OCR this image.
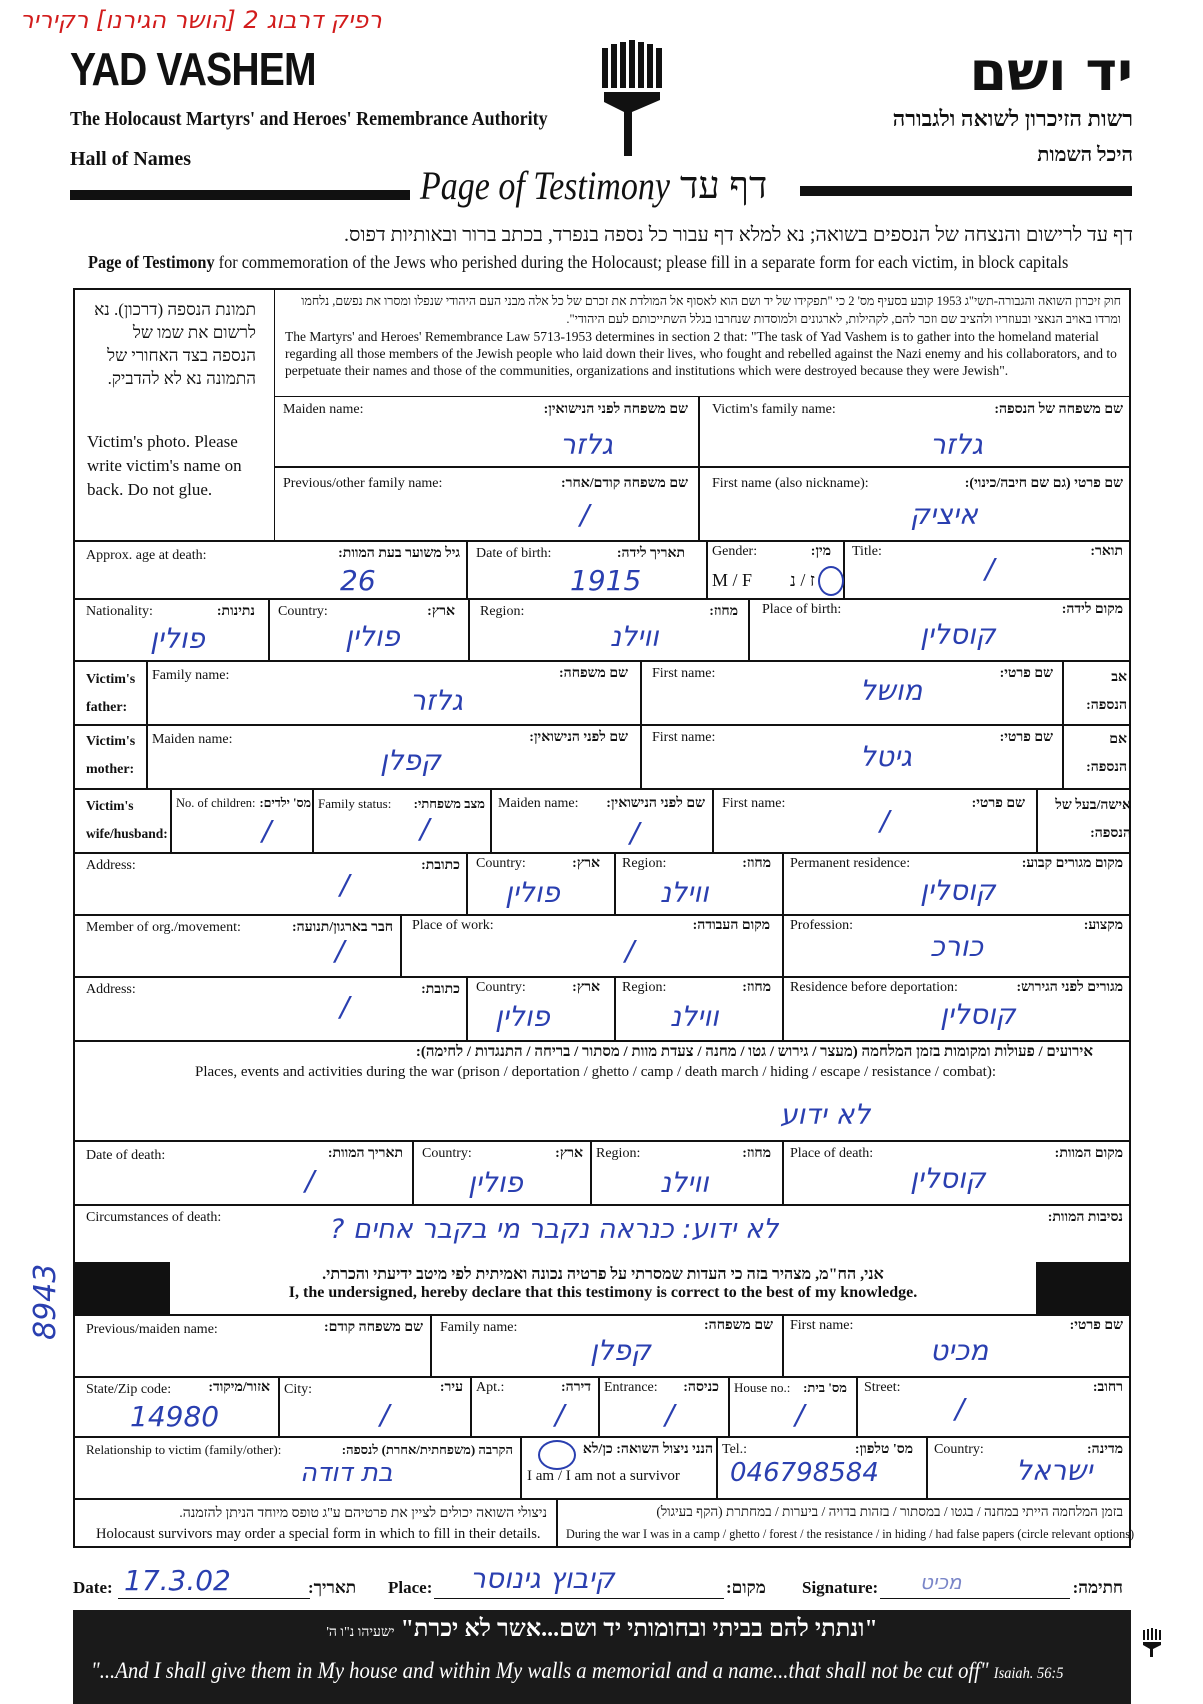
רפיק דרבוג 2 [הושר הגירנו] רקיריר
YAD VASHEM
The Holocaust Martyrs' and Heroes' Remembrance Authority
Hall of Names
יד ושם
רשות הזיכרון לשואה ולגבורה
היכל השמות
Page of Testimony דף עד
דף עד לרישום והנצחה של הנספים בשואה; נא למלא דף עבור כל נספה בנפרד, בכתב ברור ובאותיות דפוס.
Page of Testimony for commemoration of the Jews who perished during the Holocaust; please fill in a separate form for each victim, in block capitals
תמונת הנספה (דרכון). נא לרשום את שמו של הנספה בצד האחורי של התמונה נא לא להדביק.
Victim's photo. Please write victim's name on back. Do not glue.
חוק זיכרון השואה והגבורה-תשי"ג 1953 קובע בסעיף מס' 2 כי "תפקידו של יד ושם הוא לאסוף אל המולדת את זכרם של כל אלה מבני העם היהודי שנפלו ומסרו את נפשם, נלחמו ומרדו באויב הנאצי ובעוזריו ולהציב שם וזכר להם, לקהילות, לארגונים ולמוסדות שנחרבו בגלל השתייכותם לעם היהודי".
The Martyrs' and Heroes' Remembrance Law 5713-1953 determines in section 2 that: "The task of Yad Vashem is to gather into the homeland material regarding all those members of the Jewish people who laid down their lives, who fought and rebelled against the Nazi enemy and his collaborators, and to perpetuate their names and those of the communities, organizations and institutions which were destroyed because they were Jewish".
Maiden name:	שם משפחה לפני הנישואין:
גלזר
Victim's family name:	שם משפחה של הנספה:
גלזר
Previous/other family name:	שם משפחה קודם/אחר:
/
First name (also nickname):	שם פרטי (גם שם חיבה/כינוי):
איציק
Approx. age at death:	גיל משוער בעת המוות:
26
Date of birth:	תאריך לידה:
1915
Gender:	מין:
M / F ז / נ
Title:	תואר:
/
Nationality:	נתינות:
פולין
Country:	ארץ:
פולין
Region:	מחוז:
ווילנ
Place of birth:	מקום לידה:
קוסלין
Victim's father:
אב הנספה:
Family name:	שם משפחה:
גלזר
First name:	שם פרטי:
מושל
Victim's mother:
אם הנספה:
Maiden name:	שם לפני הנישואין:
קפלן
First name:	שם פרטי:
גיטל
Victim's wife/husband:
אישה/בעל של הנספה:
No. of children: מס' ילדים:
/
Family status: מצב משפחתי:
/
Maiden name: שם לפני הנישואין:
/
First name:	שם פרטי:
/
Address:	כתובת:
/
Country:	ארץ:
פולין
Region:	מחוז:
ווילנ
Permanent residence:	מקום מגורים קבוע:
קוסלין
Member of org./movement:	חבר בארגון/תנועה:
/
Place of work:	מקום העבודה:
/
Profession:	מקצוע:
כורכ
Address:	כתובת:
/
Country:	ארץ:
פולין
Region:	מחוז:
ווילנ
Residence before deportation:	מגורים לפני הגירוש:
קוסלין
אירועים / פעולות ומקומות בזמן המלחמה (מעצר / גירוש / גטו / מחנה / צעדת מוות / מסתור / בריחה / התנגדות / לחימה):
Places, events and activities during the war (prison / deportation / ghetto / camp / death march / hiding / escape / resistance / combat):
לא ידוע
Date of death:	תאריך המוות:
/
Country:	ארץ:
פולין
Region:	מחוז:
ווילנ
Place of death:	מקום המוות:
קוסלין
Circumstances of death:	נסיבות המוות:
לא ידוע: כנראה נקבר מי בקבר אחים ?
אני, הח"מ, מצהיר בזה כי העדות שמסרתי על פרטיה נכונה ואמיתית לפי מיטב ידיעתי והכרתי.
I, the undersigned, hereby declare that this testimony is correct to the best of my knowledge.
8943 Previous/maiden name:	שם משפחה קודם: Family name:	שם משפחה:
קפלן
First name:	שם פרטי:
מכיט
State/Zip code:	אזור/מיקוד:
14980
City:	עיר:
/
Apt.:	דירה:
/
Entrance: כניסה:
/
House no.: מס' בית:
/
Street:	רחוב:
/
Relationship to victim (family/other):	הקרבה (משפחתית/אחרת) לנספה:
בת דודה
הנני ניצול השואה: כן/לא
I am / I am not a survivor
Tel.:	מס' טלפון:
046798584
Country:	מדינה:
ישראל
ניצולי השואה יכולים לציין את פרטיהם ע"ג טופס מיוחד הניתן להזמנה.
Holocaust survivors may order a special form in which to fill in their details.
בזמן המלחמה הייתי במחנה / בגטו / במסתור / בזהות בדויה / ביערות / במחתרת (הקף בעיגול)
During the war I was in a camp / ghetto / forest / the resistance / in hiding / had false papers (circle relevant options)
Date: 17.3.02	תאריך: Place: קיבוץ גינוסר	מקום: Signature: מכיט	חתימה:
"ונתתי להם בביתי ובחומותי יד ושם...אשר לא יכרת" ישעיהו נ"ו ה'
"...And I shall give them in My house and within My walls a memorial and a name...that shall not be cut off" Isaiah. 56:5
